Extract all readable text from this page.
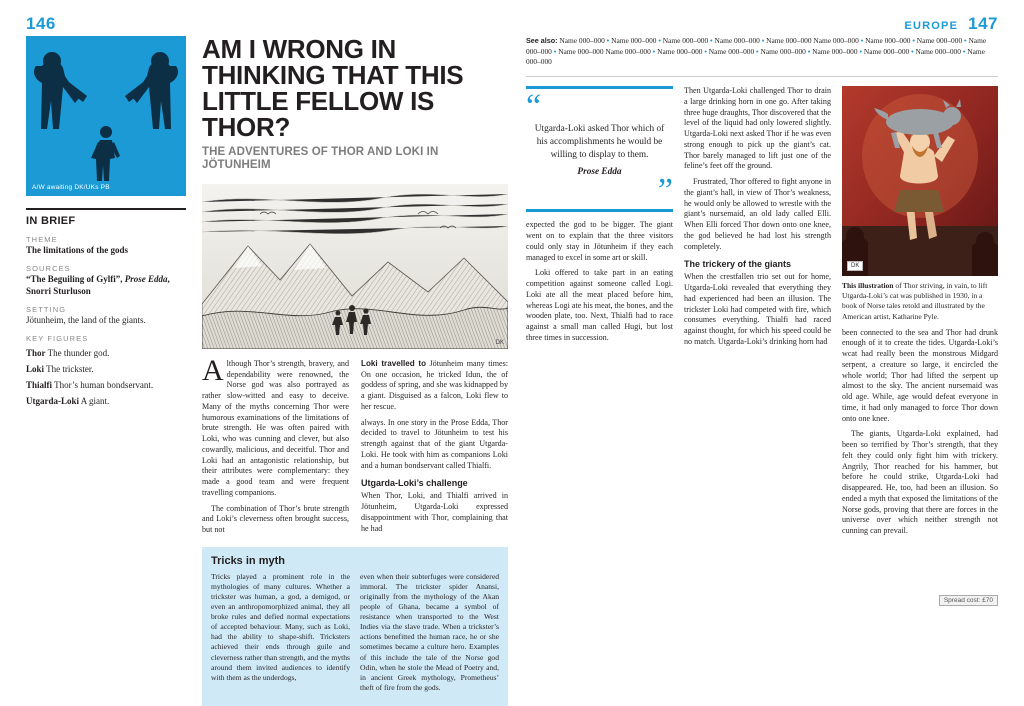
146
A/W awaiting DK/UKs PB
IN BRIEF
THEME
The limitations of the gods
SOURCES
“The Beguiling of Gylfi”, Prose Edda, Snorri Sturluson
SETTING
Jötunheim, the land of the giants.
KEY FIGURES
Thor The thunder god.
Loki The trickster.
Thialfi Thor’s human bondservant.
Utgarda-Loki A giant.
AM I WRONG IN THINKING THAT THIS LITTLE FELLOW IS THOR?
THE ADVENTURES OF THOR AND LOKI IN JÖTUNHEIM
DK

Although Thor’s strength, bravery, and dependability were renowned, the Norse god was also portrayed as rather slow-witted and easy to deceive. Many of the myths concerning Thor were humorous examinations of the limitations of brute strength. He was often paired with Loki, who was cunning and clever, but also cowardly, malicious, and deceitful. Thor and Loki had an antagonistic relationship, but their attributes were complementary: they made a good team and were frequent travelling companions.

The combination of Thor’s brute strength and Loki’s cleverness often brought success, but not

Loki travelled to Jötunheim many times: On one occasion, he tricked Idun, the of goddess of spring, and she was kidnapped by a giant. Disguised as a falcon, Loki flew to her rescue.

always. In one story in the Prose Edda, Thor decided to travel to Jötunheim to test his strength against that of the giant Utgarda-Loki. He took with him as companions Loki and a human bondservant called Thialfi.

Utgarda-Loki’s challenge

When Thor, Loki, and Thialfi arrived in Jötunheim, Utgarda-Loki expressed disappointment with Thor, complaining that he had

Tricks in myth

Tricks played a prominent role in the mythologies of many cultures. Whether a trickster was human, a god, a demigod, or even an anthropomorphized animal, they all broke rules and defied normal expectations of accepted behaviour. Many, such as Loki, had the ability to shape-shift. Tricksters achieved their ends through guile and cleverness rather than strength, and the myths around them invited audiences to identify with them as the underdogs,

even when their subterfuges were considered immoral. The trickster spider Anansi, originally from the mythology of the Akan people of Ghana, became a symbol of resistance when transported to the West Indies via the slave trade. When a trickster’s actions benefitted the human race, he or she sometimes became a culture hero. Examples of this include the tale of the Norse god Odin, when he stole the Mead of Poetry and, in ancient Greek mythology, Prometheus’ theft of fire from the gods.

EUROPE 147
See also: Name 000–000 • Name 000–000 • Name 000–000 • Name 000–000 • Name 000–000 Name 000–000 • Name 000–000 • Name 000–000 • Name 000–000 • Name 000–000 Name 000–000 • Name 000–000 • Name 000–000 • Name 000–000 • Name 000–000 • Name 000–000 • Name 000–000 • Name 000–000
“
Utgarda-Loki asked Thor which of his accomplishments he would be willing to display to them.
Prose Edda
”

expected the god to be bigger. The giant went on to explain that the three visitors could only stay in Jötunheim if they each managed to excel in some art or skill.

Loki offered to take part in an eating competition against someone called Logi. Loki ate all the meat placed before him, whereas Logi ate his meat, the bones, and the wooden plate, too. Next, Thialfi had to race against a small man called Hugi, but lost three times in succession.

Then Utgarda-Loki challenged Thor to drain a large drinking horn in one go. After taking three huge draughts, Thor discovered that the level of the liquid had only lowered slightly. Utgarda-Loki next asked Thor if he was even strong enough to pick up the giant’s cat. Thor barely managed to lift just one of the feline’s feet off the ground.

Frustrated, Thor offered to fight anyone in the giant’s hall, in view of Thor’s weakness, he would only be allowed to wrestle with the giant’s nursemaid, an old lady called Elli. When Elli forced Thor down onto one knee, the god believed he had lost his strength completely.

The trickery of the giants

When the crestfallen trio set out for home, Utgarda-Loki revealed that everything they had experienced had been an illusion. The trickster Loki had competed with fire, which consumes everything. Thialfi had raced against thought, for which his speed could be no match. Utgarda-Loki’s drinking horn had

DK
This illustration of Thor striving, in vain, to lift Utgarda-Loki’s cat was published in 1930, in a book of Norse tales retold and illustrated by the American artist, Katharine Pyle.

been connected to the sea and Thor had drunk enough of it to create the tides. Utgarda-Loki’s wcat had really been the monstrous Midgard serpent, a creature so large, it encircled the whole world; Thor had lifted the serpent up almost to the sky. The ancient nursemaid was old age. While, age would defeat everyone in time, it had only managed to force Thor down onto one knee.

The giants, Utgarda-Loki explained, had been so terrified by Thor’s strength, that they felt they could only fight him with trickery. Angrily, Thor reached for his hammer, but before he could strike, Utgarda-Loki had disappeared. He, too, had been an illusion. So ended a myth that exposed the limitations of the Norse gods, proving that there are forces in the universe over which neither strength not cunning can prevail.

Spread cost: £70
